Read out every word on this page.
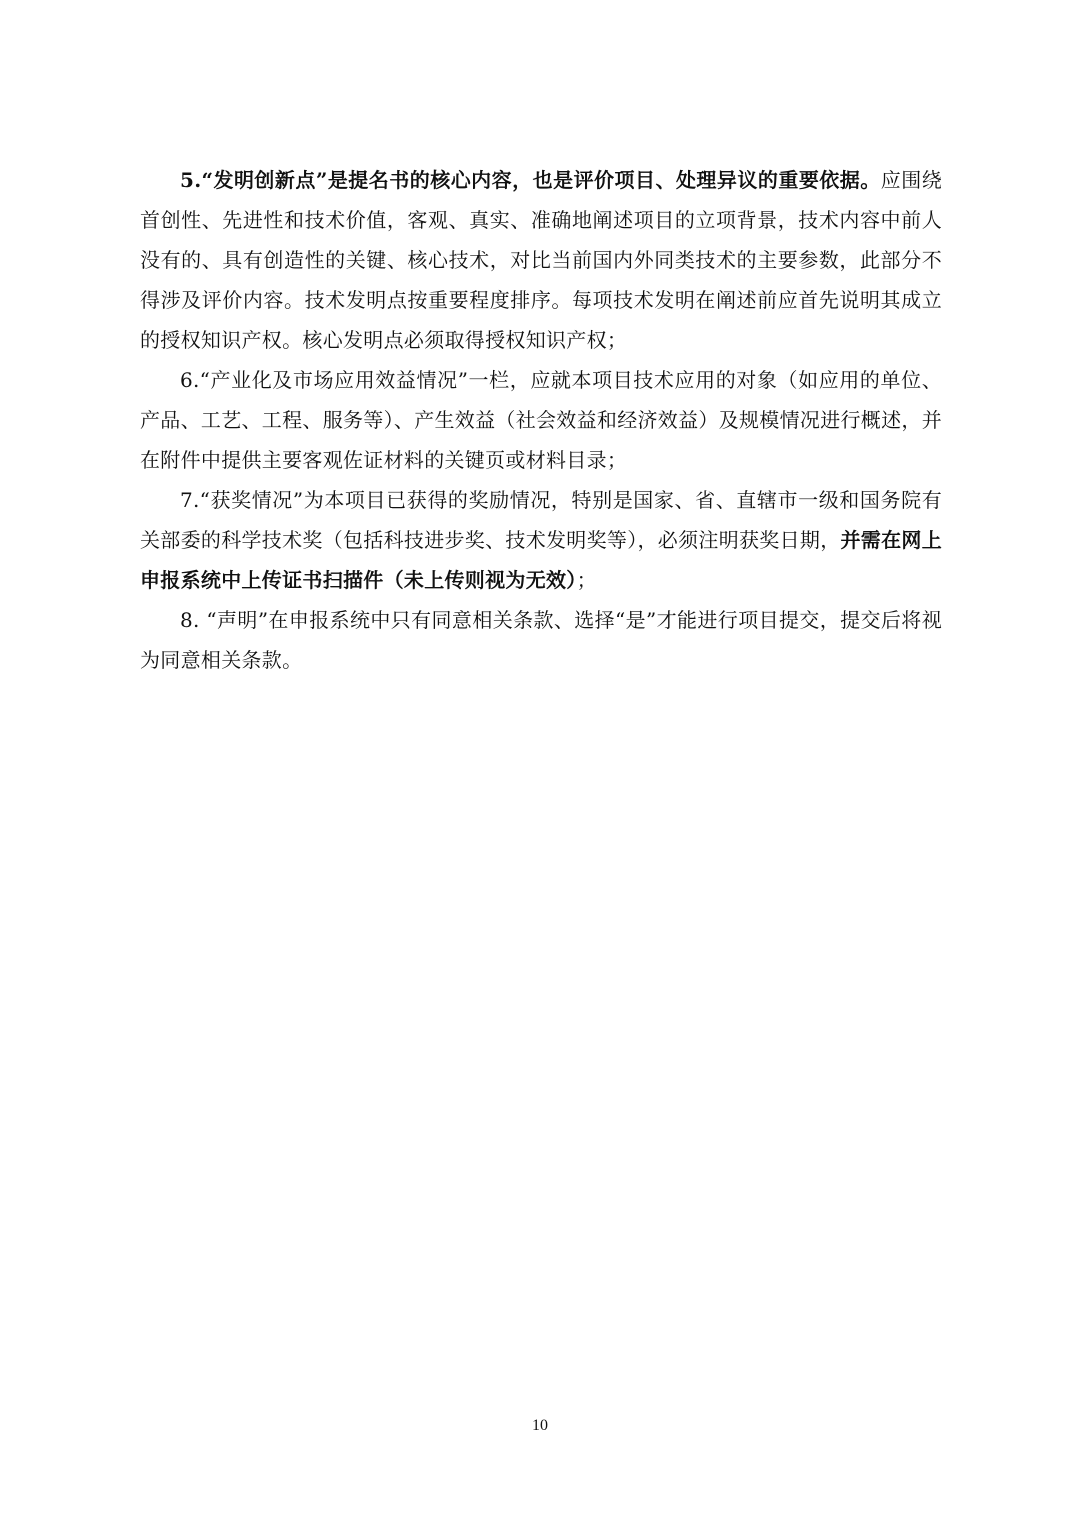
5.“发明创新点”是提名书的核心内容，也是评价项目、处理异议的重要依据。应围绕首创性、先进性和技术价值，客观、真实、准确地阐述项目的立项背景，技术内容中前人没有的、具有创造性的关键、核心技术，对比当前国内外同类技术的主要参数，此部分不得涉及评价内容。技术发明点按重要程度排序。每项技术发明在阐述前应首先说明其成立的授权知识产权。核心发明点必须取得授权知识产权；

6.“产业化及市场应用效益情况”一栏，应就本项目技术应用的对象（如应用的单位、产品、工艺、工程、服务等）、产生效益（社会效益和经济效益）及规模情况进行概述，并在附件中提供主要客观佐证材料的关键页或材料目录；

7.“获奖情况”为本项目已获得的奖励情况，特别是国家、省、直辖市一级和国务院有关部委的科学技术奖（包括科技进步奖、技术发明奖等），必须注明获奖日期，并需在网上申报系统中上传证书扫描件（未上传则视为无效）；

8. “声明”在申报系统中只有同意相关条款、选择“是”才能进行项目提交，提交后将视为同意相关条款。

10
